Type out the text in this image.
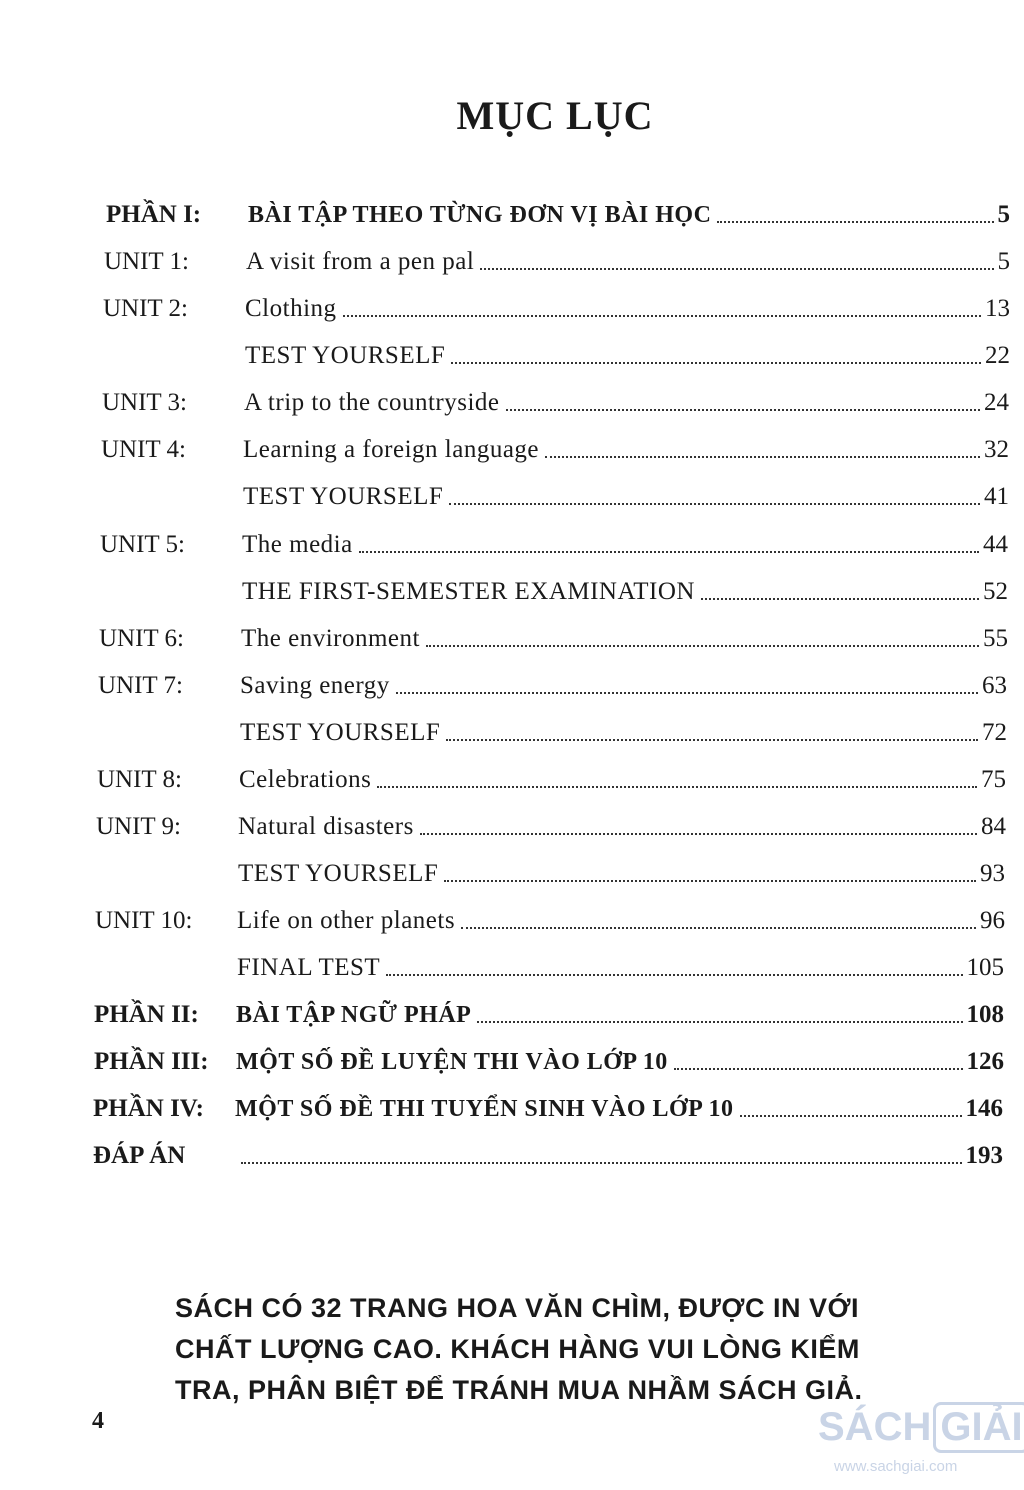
MỤC LỤC
PHẦN I:	BÀI TẬP THEO TỪNG ĐƠN VỊ BÀI HỌC	5
UNIT 1:	A visit from a pen pal	5
UNIT 2:	Clothing	13
TEST YOURSELF	22
UNIT 3:	A trip to the countryside	24
UNIT 4:	Learning a foreign language	32
TEST YOURSELF	41
UNIT 5:	The media	44
THE FIRST-SEMESTER EXAMINATION	52
UNIT 6:	The environment	55
UNIT 7:	Saving energy	63
TEST YOURSELF	72
UNIT 8:	Celebrations	75
UNIT 9:	Natural disasters	84
TEST YOURSELF	93
UNIT 10:	Life on other planets	96
FINAL TEST	105
PHẦN II:	BÀI TẬP NGỮ PHÁP	108
PHẦN III:	MỘT SỐ ĐỀ LUYỆN THI VÀO LỚP 10	126
PHẦN IV:	MỘT SỐ ĐỀ THI TUYỂN SINH VÀO LỚP 10	146
ĐÁP ÁN	193
SÁCH CÓ 32 TRANG HOA VĂN CHÌM, ĐƯỢC IN VỚI
CHẤT LƯỢNG CAO. KHÁCH HÀNG VUI LÒNG KIỂM
TRA, PHÂN BIỆT ĐỂ TRÁNH MUA NHẦM SÁCH GIẢ.
4	SÁCH GIẢI
www.sachgiai.com
